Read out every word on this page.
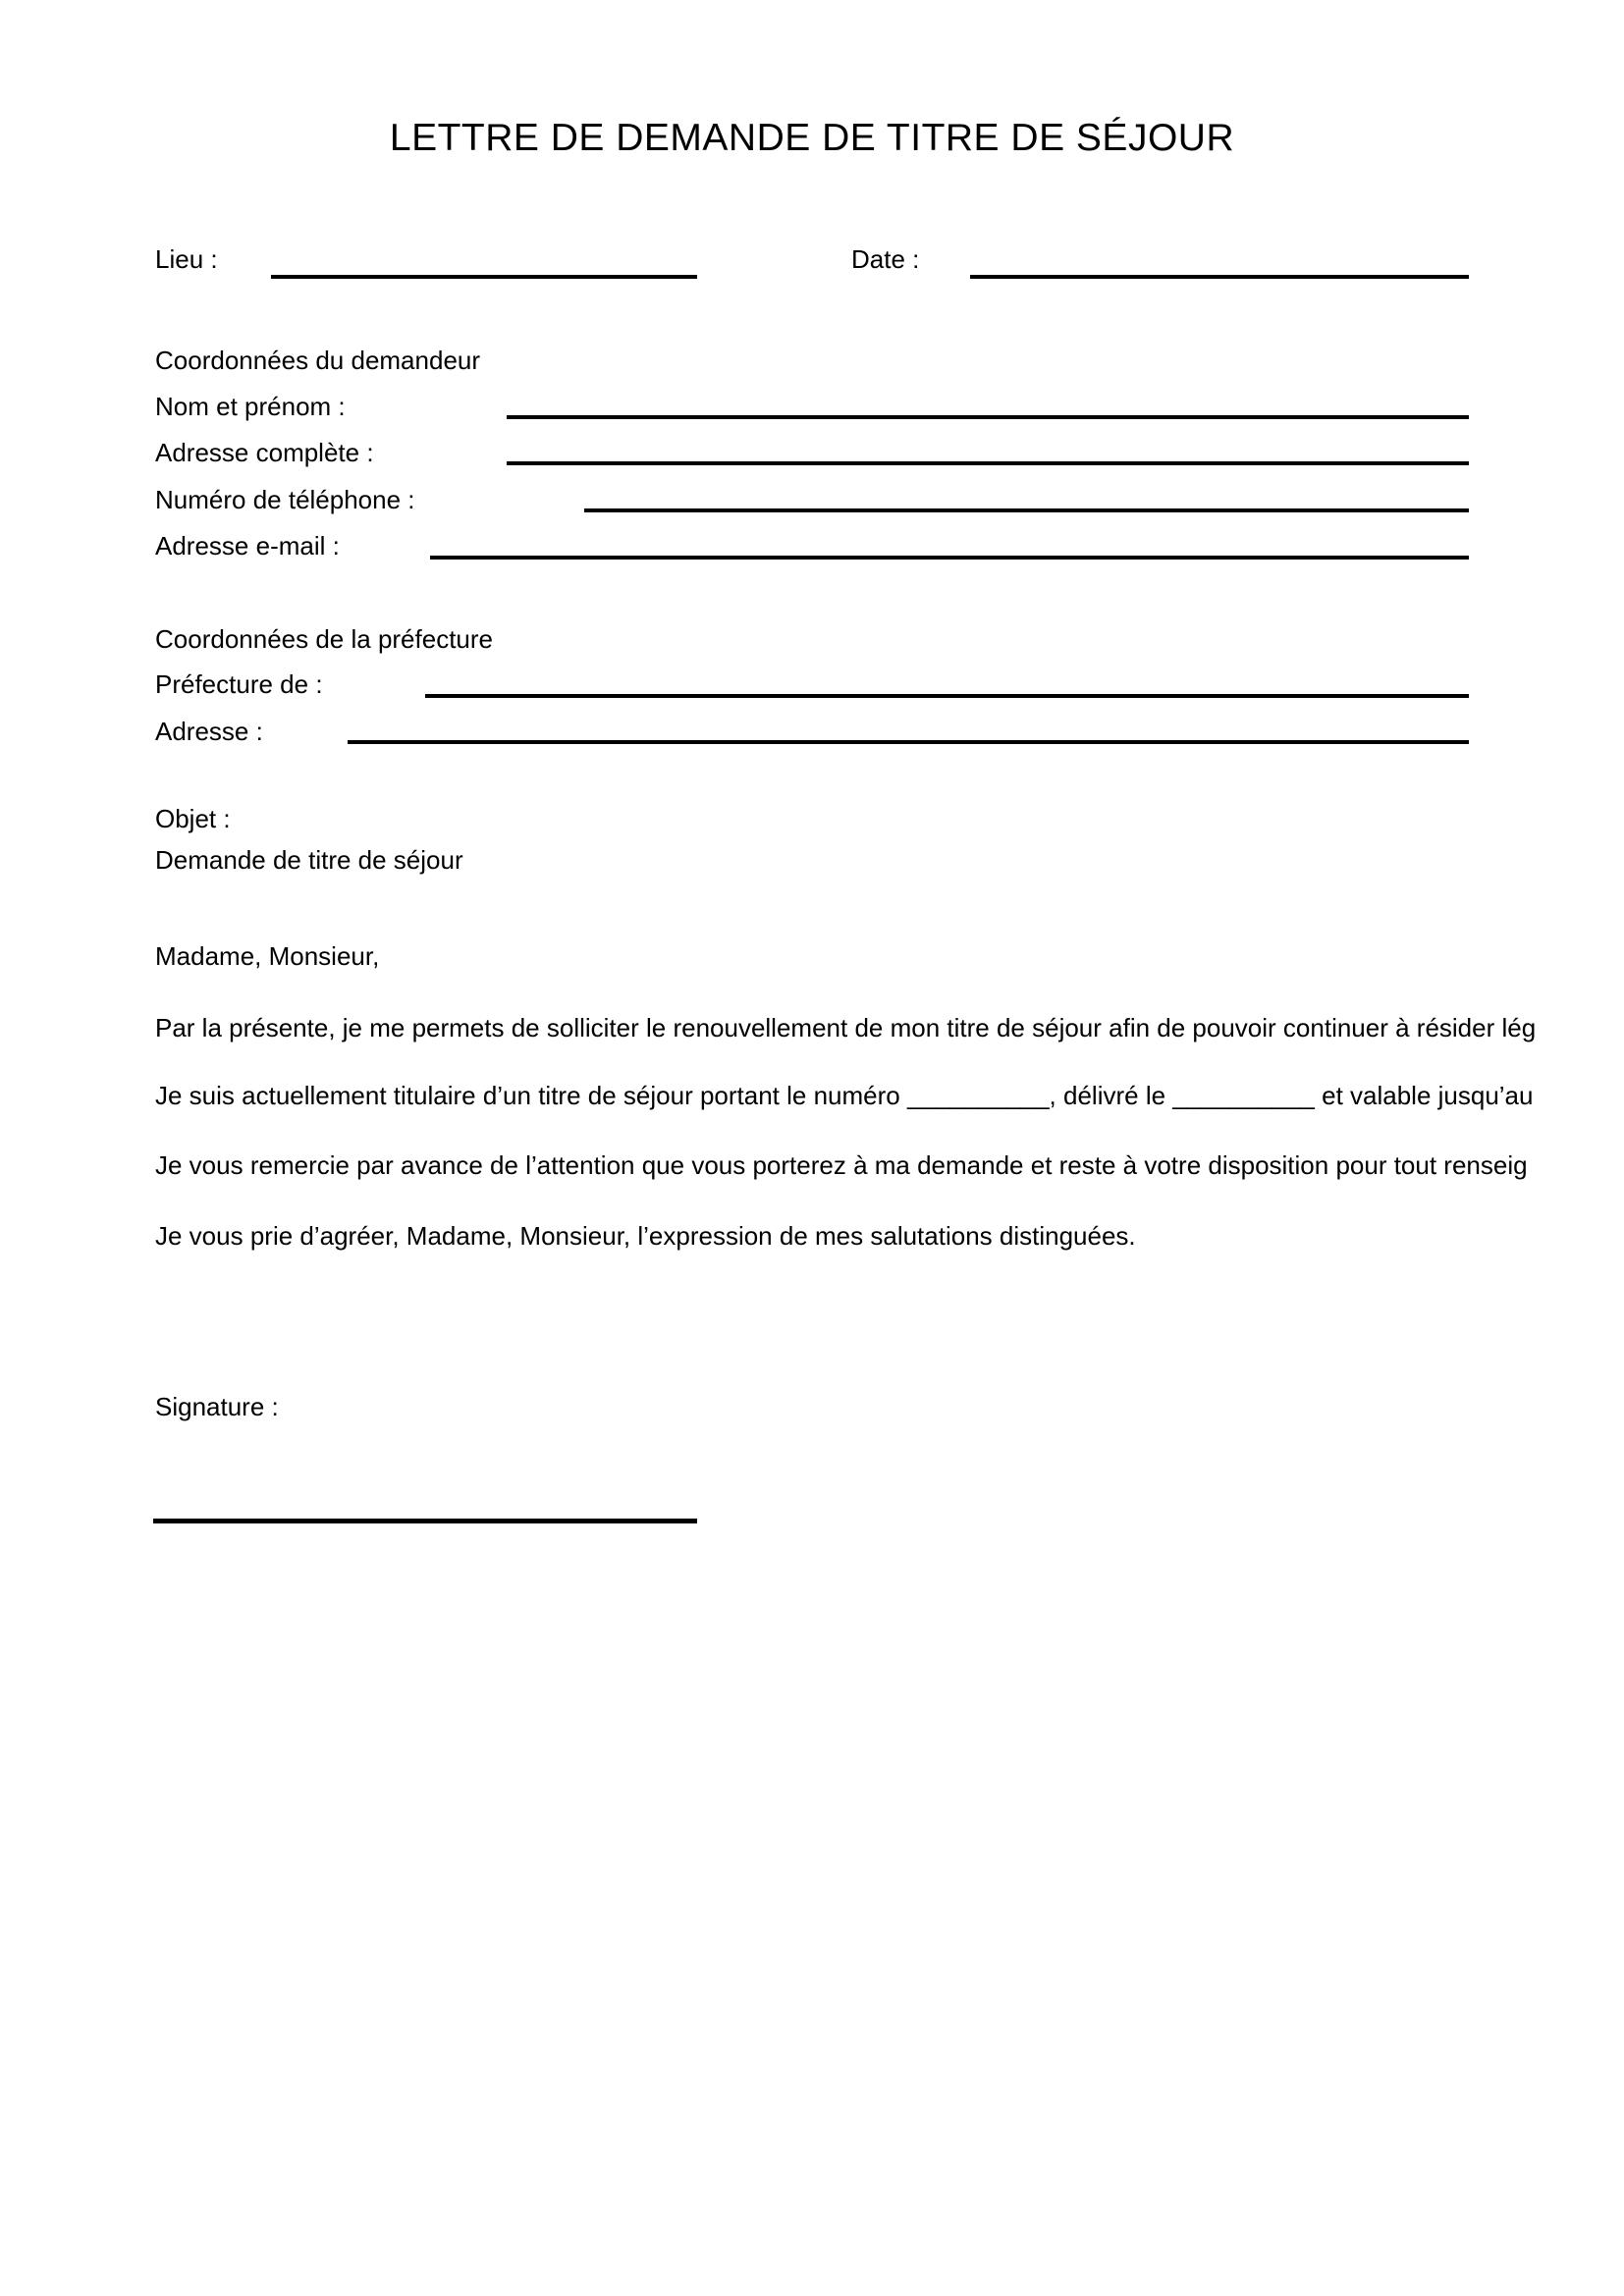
LETTRE DE DEMANDE DE TITRE DE SÉJOUR
Lieu :	Date :
Coordonnées du demandeur
Nom et prénom :
Adresse complète :
Numéro de téléphone :
Adresse e-mail :
Coordonnées de la préfecture
Préfecture de :
Adresse :
Objet :
Demande de titre de séjour
Madame, Monsieur,
Par la présente, je me permets de solliciter le renouvellement de mon titre de séjour afin de pouvoir continuer à résider lég
Je suis actuellement titulaire d’un titre de séjour portant le numéro __________, délivré le __________ et valable jusqu’au
Je vous remercie par avance de l’attention que vous porterez à ma demande et reste à votre disposition pour tout renseig
Je vous prie d’agréer, Madame, Monsieur, l’expression de mes salutations distinguées.
Signature :
